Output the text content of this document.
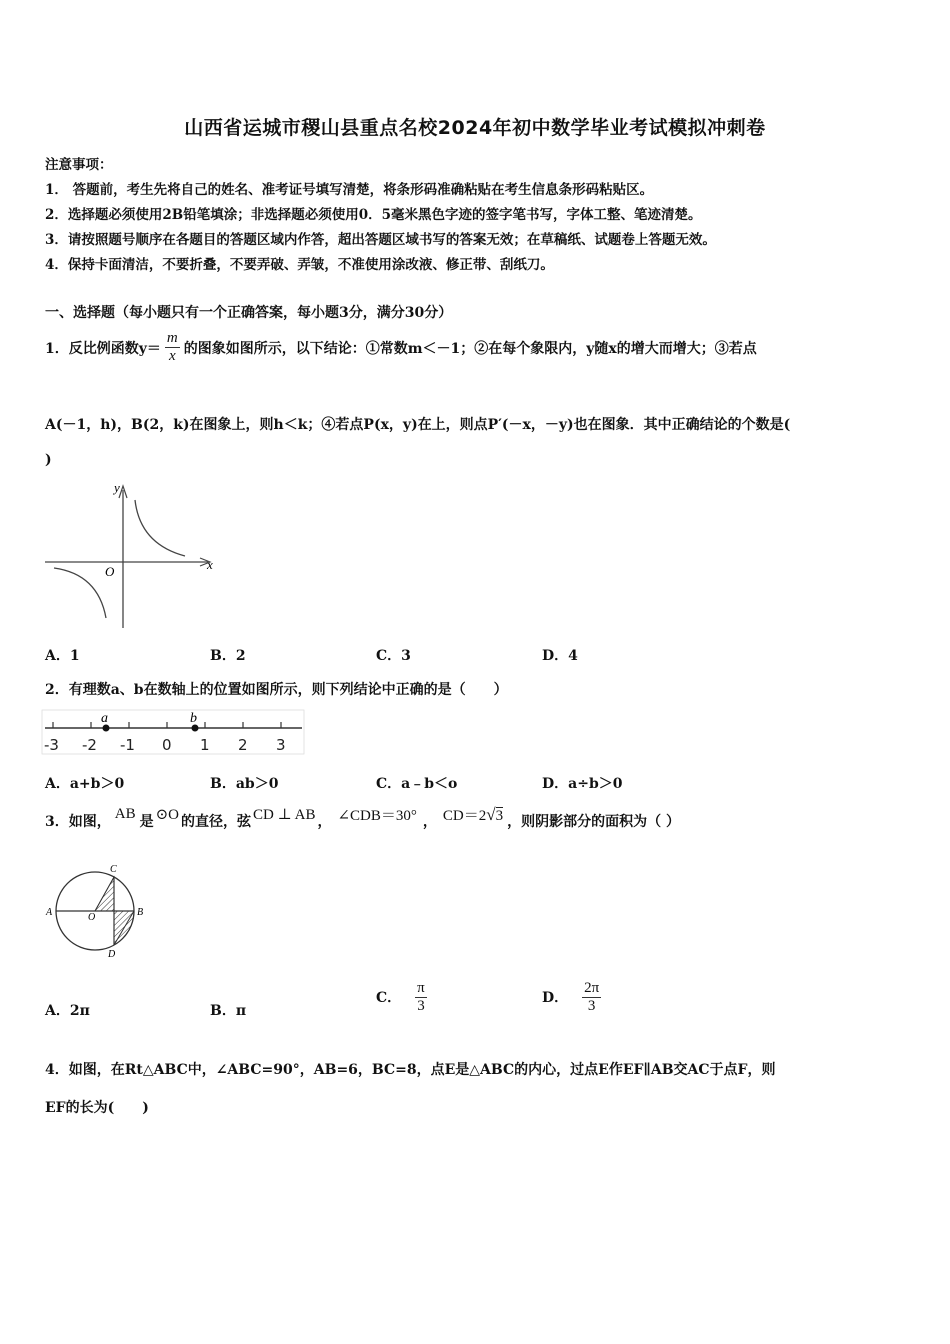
山西省运城市稷山县重点名校2024年初中数学毕业考试模拟冲刺卷
注意事项：
1． 答题前，考生先将自己的姓名、准考证号填写清楚，将条形码准确粘贴在考生信息条形码粘贴区。
2．选择题必须使用2B铅笔填涂；非选择题必须使用0．5毫米黑色字迹的签字笔书写，字体工整、笔迹清楚。
3．请按照题号顺序在各题目的答题区域内作答，超出答题区域书写的答案无效；在草稿纸、试题卷上答题无效。
4．保持卡面清洁，不要折叠，不要弄破、弄皱，不准使用涂改液、修正带、刮纸刀。
一、选择题（每小题只有一个正确答案，每小题3分，满分30分）
1．反比例函数$y= \frac{m}{x}$ 的图象如图所示，以下结论：①常数m＜－1；②在每个象限内，y随x的增大而增大；③若点
A(－1，h)，B(2，k)在图象上，则h＜k；④若点P(x，y)在上，则点P′(－x，－y)也在图象．其中正确结论的个数是(
)
y
x
O
A．1	B．2	C．3	D．4
2．有理数a、b在数轴上的位置如图所示，则下列结论中正确的是（　　）
a	b
-3 -2 -1 0 1 2 3
A．a+b＞0	B．ab＞0	C．a﹣b＜o	D．a÷b＞0
3．如图， AB 是 ⊙O 的直径，弦 CD ⊥ AB ， ∠CDB＝30° ， CD＝2 √3 ，则阴影部分的面积为（ ）
A	B
C
D
O
A．2π	B．π
C． $\frac{\pi}{3}$	D． $\frac{2\pi}{3}$
4．如图，在Rt△ABC中，∠ABC=90°，AB=6，BC=8，点E是△ABC的内心，过点E作EF∥AB交AC于点F，则
EF的长为(　　)
